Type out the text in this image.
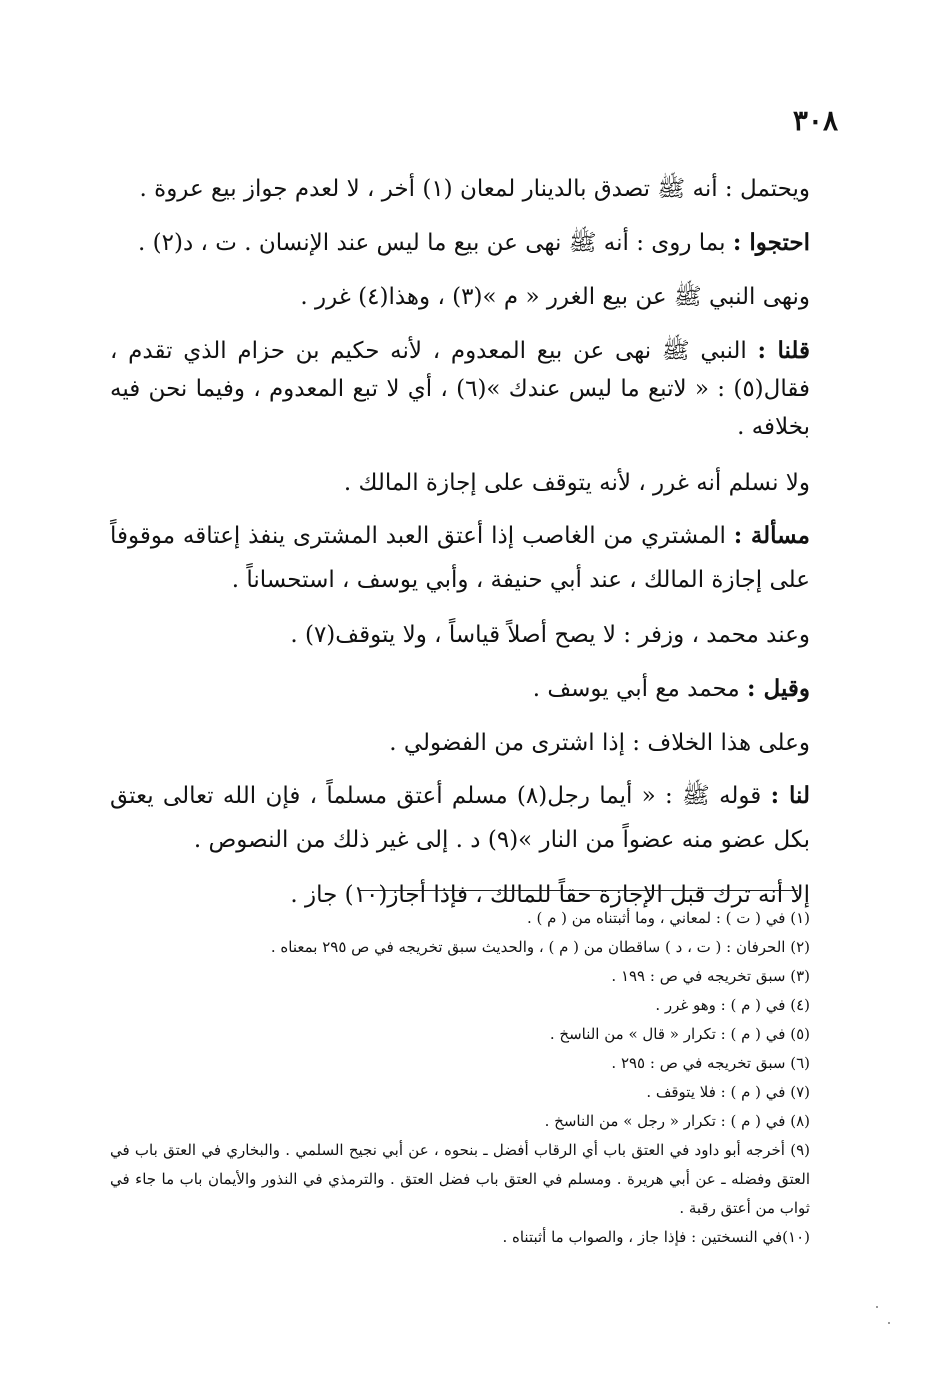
٣٠٨

ويحتمل : أنه ﷺ تصدق بالدينار لمعان (١) أخر ، لا لعدم جواز بيع عروة .

احتجوا : بما روى : أنه ﷺ نهى عن بيع ما ليس عند الإنسان . ت ، د(٢) .

ونهى النبي ﷺ عن بيع الغرر « م »(٣) ، وهذا(٤) غرر .

قلنا : النبي ﷺ نهى عن بيع المعدوم ، لأنه حكيم بن حزام الذي تقدم ، فقال(٥) : « لاتبع ما ليس عندك »(٦) ، أي لا تبع المعدوم ، وفيما نحن فيه بخلافه .

ولا نسلم أنه غرر ، لأنه يتوقف على إجازة المالك .

مسألة : المشتري من الغاصب إذا أعتق العبد المشترى ينفذ إعتاقه موقوفاً على إجازة المالك ، عند أبي حنيفة ، وأبي يوسف ، استحساناً .

وعند محمد ، وزفر : لا يصح أصلاً قياساً ، ولا يتوقف(٧) .

وقيل : محمد مع أبي يوسف .

وعلى هذا الخلاف : إذا اشترى من الفضولي .

لنا : قوله ﷺ : « أيما رجل(٨) مسلم أعتق مسلماً ، فإن الله تعالى يعتق بكل عضو منه عضواً من النار »(٩) د . إلى غير ذلك من النصوص .

إلا أنه ترك قبل الإجازة حقاً للمالك ، فإذا أجاز(١٠) جاز .

(١) في ( ت ) : لمعاني ، وما أثبتناه من ( م ) .

(٢) الحرفان : ( ت ، د ) ساقطان من ( م ) ، والحديث سبق تخريجه في ص ٢٩٥ بمعناه .

(٣) سبق تخريجه في ص : ١٩٩ .

(٤) في ( م ) : وهو غرر .

(٥) في ( م ) : تكرار « قال » من الناسخ .

(٦) سبق تخريجه في ص : ٢٩٥ .

(٧) في ( م ) : فلا يتوقف .

(٨) في ( م ) : تكرار « رجل » من الناسخ .

(٩) أخرجه أبو داود في العتق باب أي الرقاب أفضل ـ بنحوه ، عن أبي نجيح السلمي . والبخاري في العتق باب في العتق وفضله ـ عن أبي هريرة . ومسلم في العتق باب فضل العتق . والترمذي في النذور والأيمان باب ما جاء في ثواب من أعتق رقبة .

(١٠)في النسختين : فإذا جاز ، والصواب ما أثبتناه .
